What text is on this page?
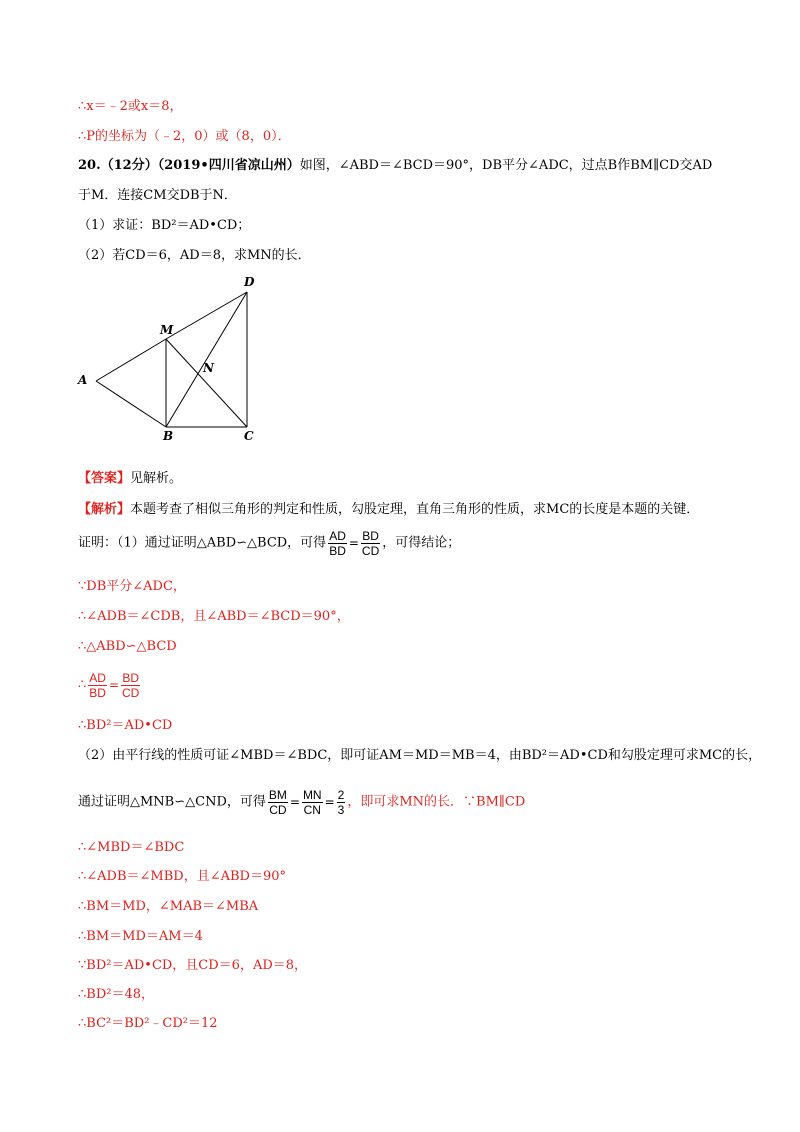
∴x＝﹣2或x＝8，
∴P的坐标为（﹣2，0）或（8，0）．
20.（12分）（2019•四川省凉山州）如图，∠ABD＝∠BCD＝90°，DB平分∠ADC，过点B作BM∥CD交AD
于M．连接CM交DB于N．
（1）求证：BD²＝AD•CD；
（2）若CD＝6，AD＝8，求MN的长．
A
B	C
D
M
N
【答案】见解析。
【解析】本题考查了相似三角形的判定和性质，勾股定理，直角三角形的性质，求MC的长度是本题的关键．
证明：（1）通过证明△ABD∽△BCD，可得 $\frac{AD}{BD} = \frac{BD}{CD}$ ，可得结论；
∵DB平分∠ADC，
∴∠ADB＝∠CDB，且∠ABD＝∠BCD＝90°，
∴△ABD∽△BCD
∴ $\frac{AD}{BD} = \frac{BD}{CD}$
∴BD²＝AD•CD
（2）由平行线的性质可证∠MBD＝∠BDC，即可证AM＝MD＝MB＝4，由BD²＝AD•CD和勾股定理可求MC的长，
通过证明△MNB∽△CND，可得 $\frac{BM}{CD} = \frac{MN}{CN} = \frac{2}{3}$ ，即可求MN的长．∵BM∥CD
∴∠MBD＝∠BDC
∴∠ADB＝∠MBD，且∠ABD＝90°
∴BM＝MD，∠MAB＝∠MBA
∴BM＝MD＝AM＝4
∵BD²＝AD•CD，且CD＝6，AD＝8，
∴BD²＝48，
∴BC²＝BD²﹣CD²＝12
